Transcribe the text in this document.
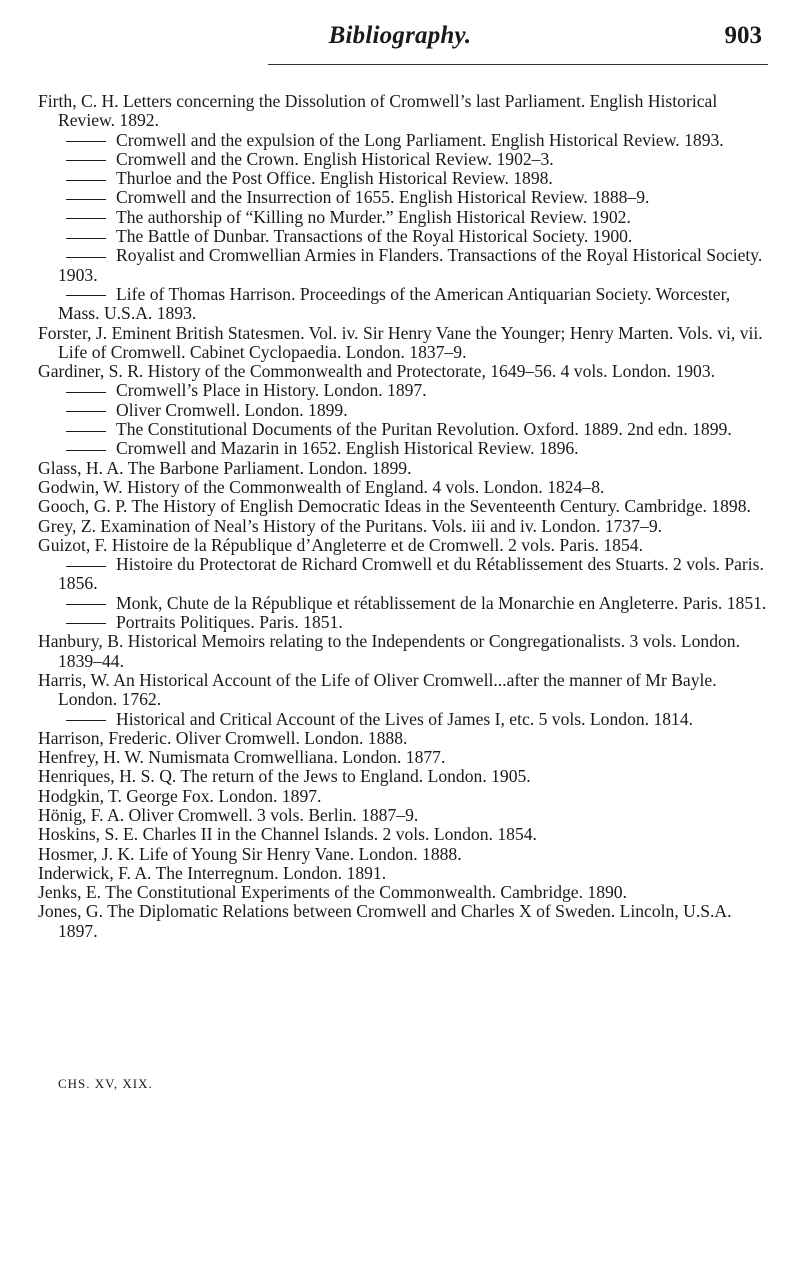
Bibliography.	903
Firth, C. H. Letters concerning the Dissolution of Cromwell’s last Parliament. English Historical Review. 1892.
Cromwell and the expulsion of the Long Parliament. English Historical Review. 1893.
Cromwell and the Crown. English Historical Review. 1902–3.
Thurloe and the Post Office. English Historical Review. 1898.
Cromwell and the Insurrection of 1655. English Historical Review. 1888–9.
The authorship of “Killing no Murder.” English Historical Review. 1902.
The Battle of Dunbar. Transactions of the Royal Historical Society. 1900.
Royalist and Cromwellian Armies in Flanders. Transactions of the Royal Historical Society. 1903.
Life of Thomas Harrison. Proceedings of the American Antiquarian Society. Worcester, Mass. U.S.A. 1893.
Forster, J. Eminent British Statesmen. Vol. iv. Sir Henry Vane the Younger; Henry Marten. Vols. vi, vii. Life of Cromwell. Cabinet Cyclopaedia. London. 1837–9.
Gardiner, S. R. History of the Commonwealth and Protectorate, 1649–56. 4 vols. London. 1903.
Cromwell’s Place in History. London. 1897.
Oliver Cromwell. London. 1899.
The Constitutional Documents of the Puritan Revolution. Oxford. 1889. 2nd edn. 1899.
Cromwell and Mazarin in 1652. English Historical Review. 1896.
Glass, H. A. The Barbone Parliament. London. 1899.
Godwin, W. History of the Commonwealth of England. 4 vols. London. 1824–8.
Gooch, G. P. The History of English Democratic Ideas in the Seventeenth Century. Cambridge. 1898.
Grey, Z. Examination of Neal’s History of the Puritans. Vols. iii and iv. London. 1737–9.
Guizot, F. Histoire de la République d’Angleterre et de Cromwell. 2 vols. Paris. 1854.
Histoire du Protectorat de Richard Cromwell et du Rétablissement des Stuarts. 2 vols. Paris. 1856.
Monk, Chute de la République et rétablissement de la Monarchie en Angleterre. Paris. 1851.
Portraits Politiques. Paris. 1851.
Hanbury, B. Historical Memoirs relating to the Independents or Congregationalists. 3 vols. London. 1839–44.
Harris, W. An Historical Account of the Life of Oliver Cromwell...after the manner of Mr Bayle. London. 1762.
Historical and Critical Account of the Lives of James I, etc. 5 vols. London. 1814.
Harrison, Frederic. Oliver Cromwell. London. 1888.
Henfrey, H. W. Numismata Cromwelliana. London. 1877.
Henriques, H. S. Q. The return of the Jews to England. London. 1905.
Hodgkin, T. George Fox. London. 1897.
Hönig, F. A. Oliver Cromwell. 3 vols. Berlin. 1887–9.
Hoskins, S. E. Charles II in the Channel Islands. 2 vols. London. 1854.
Hosmer, J. K. Life of Young Sir Henry Vane. London. 1888.
Inderwick, F. A. The Interregnum. London. 1891.
Jenks, E. The Constitutional Experiments of the Commonwealth. Cambridge. 1890.
Jones, G. The Diplomatic Relations between Cromwell and Charles X of Sweden. Lincoln, U.S.A. 1897.
CHS. XV, XIX.
